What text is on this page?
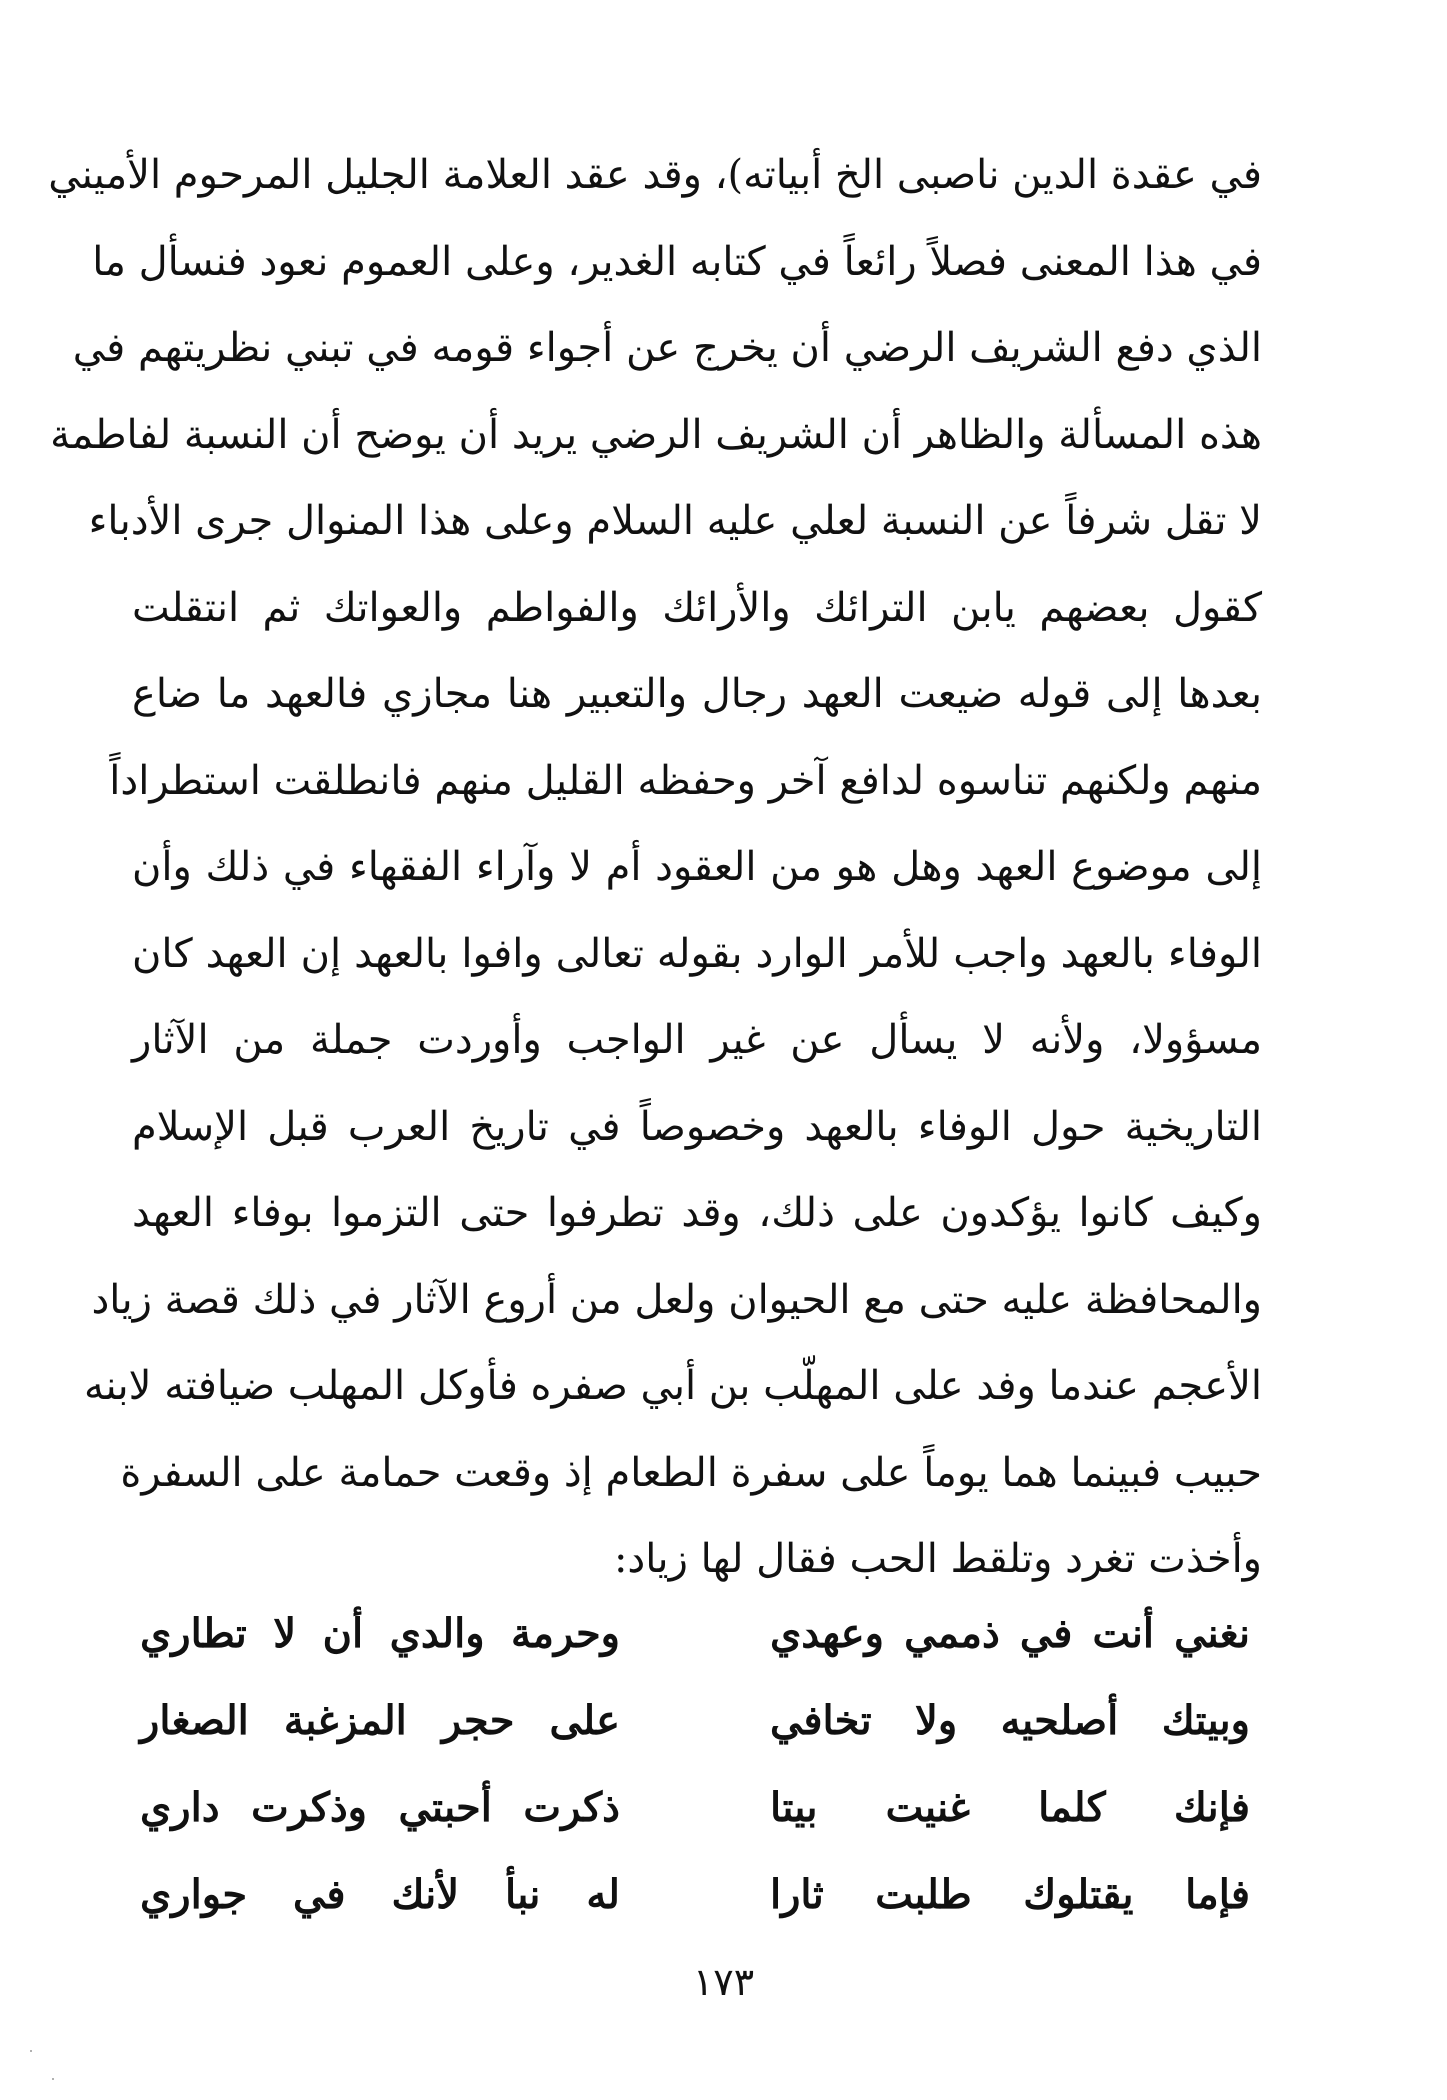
في عقدة الدين ناصبى الخ أبياته)، وقد عقد العلامة الجليل المرحوم الأميني
في هذا المعنى فصلاً رائعاً في كتابه الغدير، وعلى العموم نعود فنسأل ما
الذي دفع الشريف الرضي أن يخرج عن أجواء قومه في تبني نظريتهم في
هذه المسألة والظاهر أن الشريف الرضي يريد أن يوضح أن النسبة لفاطمة
لا تقل شرفاً عن النسبة لعلي عليه السلام وعلى هذا المنوال جرى الأدباء
كقول بعضهم يابن الترائك والأرائك والفواطم والعواتك ثم انتقلت
بعدها إلى قوله ضيعت العهد رجال والتعبير هنا مجازي فالعهد ما ضاع
منهم ولكنهم تناسوه لدافع آخر وحفظه القليل منهم فانطلقت استطراداً
إلى موضوع العهد وهل هو من العقود أم لا وآراء الفقهاء في ذلك وأن
الوفاء بالعهد واجب للأمر الوارد بقوله تعالى وافوا بالعهد إن العهد كان
مسؤولا، ولأنه لا يسأل عن غير الواجب وأوردت جملة من الآثار
التاريخية حول الوفاء بالعهد وخصوصاً في تاريخ العرب قبل الإسلام
وكيف كانوا يؤكدون على ذلك، وقد تطرفوا حتى التزموا بوفاء العهد
والمحافظة عليه حتى مع الحيوان ولعل من أروع الآثار في ذلك قصة زياد
الأعجم عندما وفد على المهلّب بن أبي صفره فأوكل المهلب ضيافته لابنه
حبيب فبينما هما يوماً على سفرة الطعام إذ وقعت حمامة على السفرة
وأخذت تغرد وتلقط الحب فقال لها زياد:
نغني أنت في ذممي وعهدي
وحرمة والدي أن لا تطاري
وبيتك أصلحيه ولا تخافي
على حجر المزغبة الصغار
فإنك كلما غنيت بيتا
ذكرت أحبتي وذكرت داري
فإما يقتلوك طلبت ثارا
له نبأ لأنك في جواري
١٧٣
